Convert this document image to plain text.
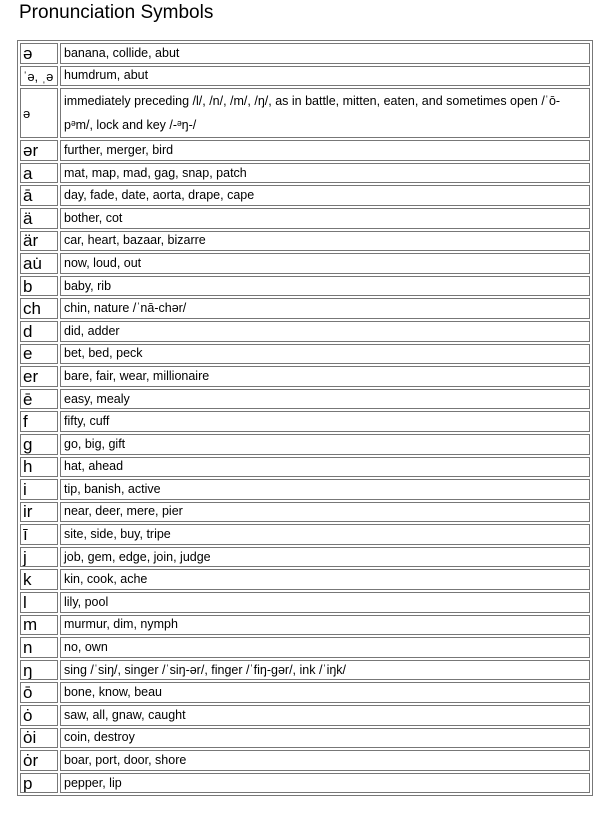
Pronunciation Symbols
ə	banana, collide, abut
ˈə, ˌə	humdrum, abut
ə	immediately preceding /l/, /n/, /m/, /ŋ/, as in battle, mitten, eaten, and sometimes open /ˈō-pᵊm/, lock and key /-ᵊŋ-/
ər	further, merger, bird
a	mat, map, mad, gag, snap, patch
ā	day, fade, date, aorta, drape, cape
ä	bother, cot
är	car, heart, bazaar, bizarre
au̇	now, loud, out
b	baby, rib
ch	chin, nature /ˈnā-chər/
d	did, adder
e	bet, bed, peck
er	bare, fair, wear, millionaire
ē	easy, mealy
f	fifty, cuff
g	go, big, gift
h	hat, ahead
i	tip, banish, active
ir	near, deer, mere, pier
ī	site, side, buy, tripe
j	job, gem, edge, join, judge
k	kin, cook, ache
l	lily, pool
m	murmur, dim, nymph
n	no, own
ŋ	sing /ˈsiŋ/, singer /ˈsiŋ-ər/, finger /ˈfiŋ-gər/, ink /ˈiŋk/
ō	bone, know, beau
ȯ	saw, all, gnaw, caught
ȯi	coin, destroy
ȯr	boar, port, door, shore
p	pepper, lip
